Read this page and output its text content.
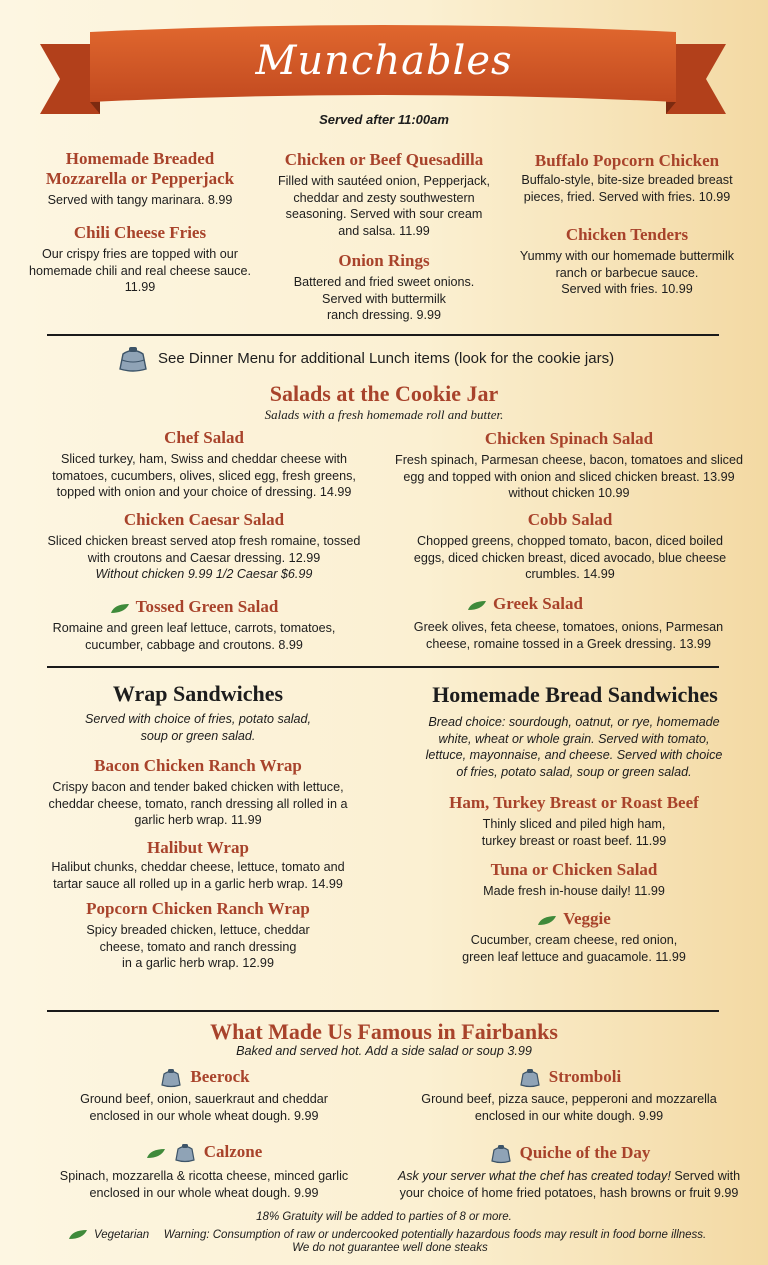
Munchables
Served after 11:00am
Homemade Breaded
Mozzarella or Pepperjack
Served with tangy marinara. 8.99
Chili Cheese Fries
Our crispy fries are topped with our
homemade chili and real cheese sauce.
11.99
Chicken or Beef Quesadilla
Filled with sautéed onion, Pepperjack,
cheddar and zesty southwestern
seasoning. Served with sour cream
and salsa. 11.99
Onion Rings
Battered and fried sweet onions.
Served with buttermilk
ranch dressing. 9.99
Buffalo Popcorn Chicken
Buffalo-style, bite-size breaded breast
pieces, fried. Served with fries. 10.99
Chicken Tenders
Yummy with our homemade buttermilk
ranch or barbecue sauce.
Served with fries. 10.99
See Dinner Menu for additional Lunch items (look for the cookie jars)
Salads at the Cookie Jar
Salads with a fresh homemade roll and butter.
Chef Salad
Sliced turkey, ham, Swiss and cheddar cheese with
tomatoes, cucumbers, olives, sliced egg, fresh greens,
topped with onion and your choice of dressing. 14.99
Chicken Caesar Salad
Sliced chicken breast served atop fresh romaine, tossed
with croutons and Caesar dressing. 12.99
Without chicken 9.99 1/2 Caesar $6.99
Tossed Green Salad
Romaine and green leaf lettuce, carrots, tomatoes,
cucumber, cabbage and croutons. 8.99
Chicken Spinach Salad
Fresh spinach, Parmesan cheese, bacon, tomatoes and sliced
egg and topped with onion and sliced chicken breast. 13.99
without chicken 10.99
Cobb Salad
Chopped greens, chopped tomato, bacon, diced boiled
eggs, diced chicken breast, diced avocado, blue cheese
crumbles. 14.99
Greek Salad
Greek olives, feta cheese, tomatoes, onions, Parmesan
cheese, romaine tossed in a Greek dressing. 13.99
Wrap Sandwiches
Served with choice of fries, potato salad,
soup or green salad.
Bacon Chicken Ranch Wrap
Crispy bacon and tender baked chicken with lettuce,
cheddar cheese, tomato, ranch dressing all rolled in a
garlic herb wrap. 11.99
Halibut Wrap
Halibut chunks, cheddar cheese, lettuce, tomato and
tartar sauce all rolled up in a garlic herb wrap. 14.99
Popcorn Chicken Ranch Wrap
Spicy breaded chicken, lettuce, cheddar
cheese, tomato and ranch dressing
in a garlic herb wrap. 12.99
Homemade Bread Sandwiches
Bread choice: sourdough, oatnut, or rye, homemade
white, wheat or whole grain. Served with tomato,
lettuce, mayonnaise, and cheese. Served with choice
of fries, potato salad, soup or green salad.
Ham, Turkey Breast or Roast Beef
Thinly sliced and piled high ham,
turkey breast or roast beef. 11.99
Tuna or Chicken Salad
Made fresh in-house daily! 11.99
Veggie
Cucumber, cream cheese, red onion,
green leaf lettuce and guacamole. 11.99
What Made Us Famous in Fairbanks
Baked and served hot. Add a side salad or soup 3.99
Beerock
Ground beef, onion, sauerkraut and cheddar
enclosed in our whole wheat dough. 9.99
Calzone
Spinach, mozzarella & ricotta cheese, minced garlic
enclosed in our whole wheat dough. 9.99
Stromboli
Ground beef, pizza sauce, pepperoni and mozzarella
enclosed in our white dough. 9.99
Quiche of the Day
Ask your server what the chef has created today! Served with
your choice of home fried potatoes, hash browns or fruit 9.99
18% Gratuity will be added to parties of 8 or more.
Vegetarian	Warning: Consumption of raw or undercooked potentially hazardous foods may result in food borne illness.
We do not guarantee well done steaks
